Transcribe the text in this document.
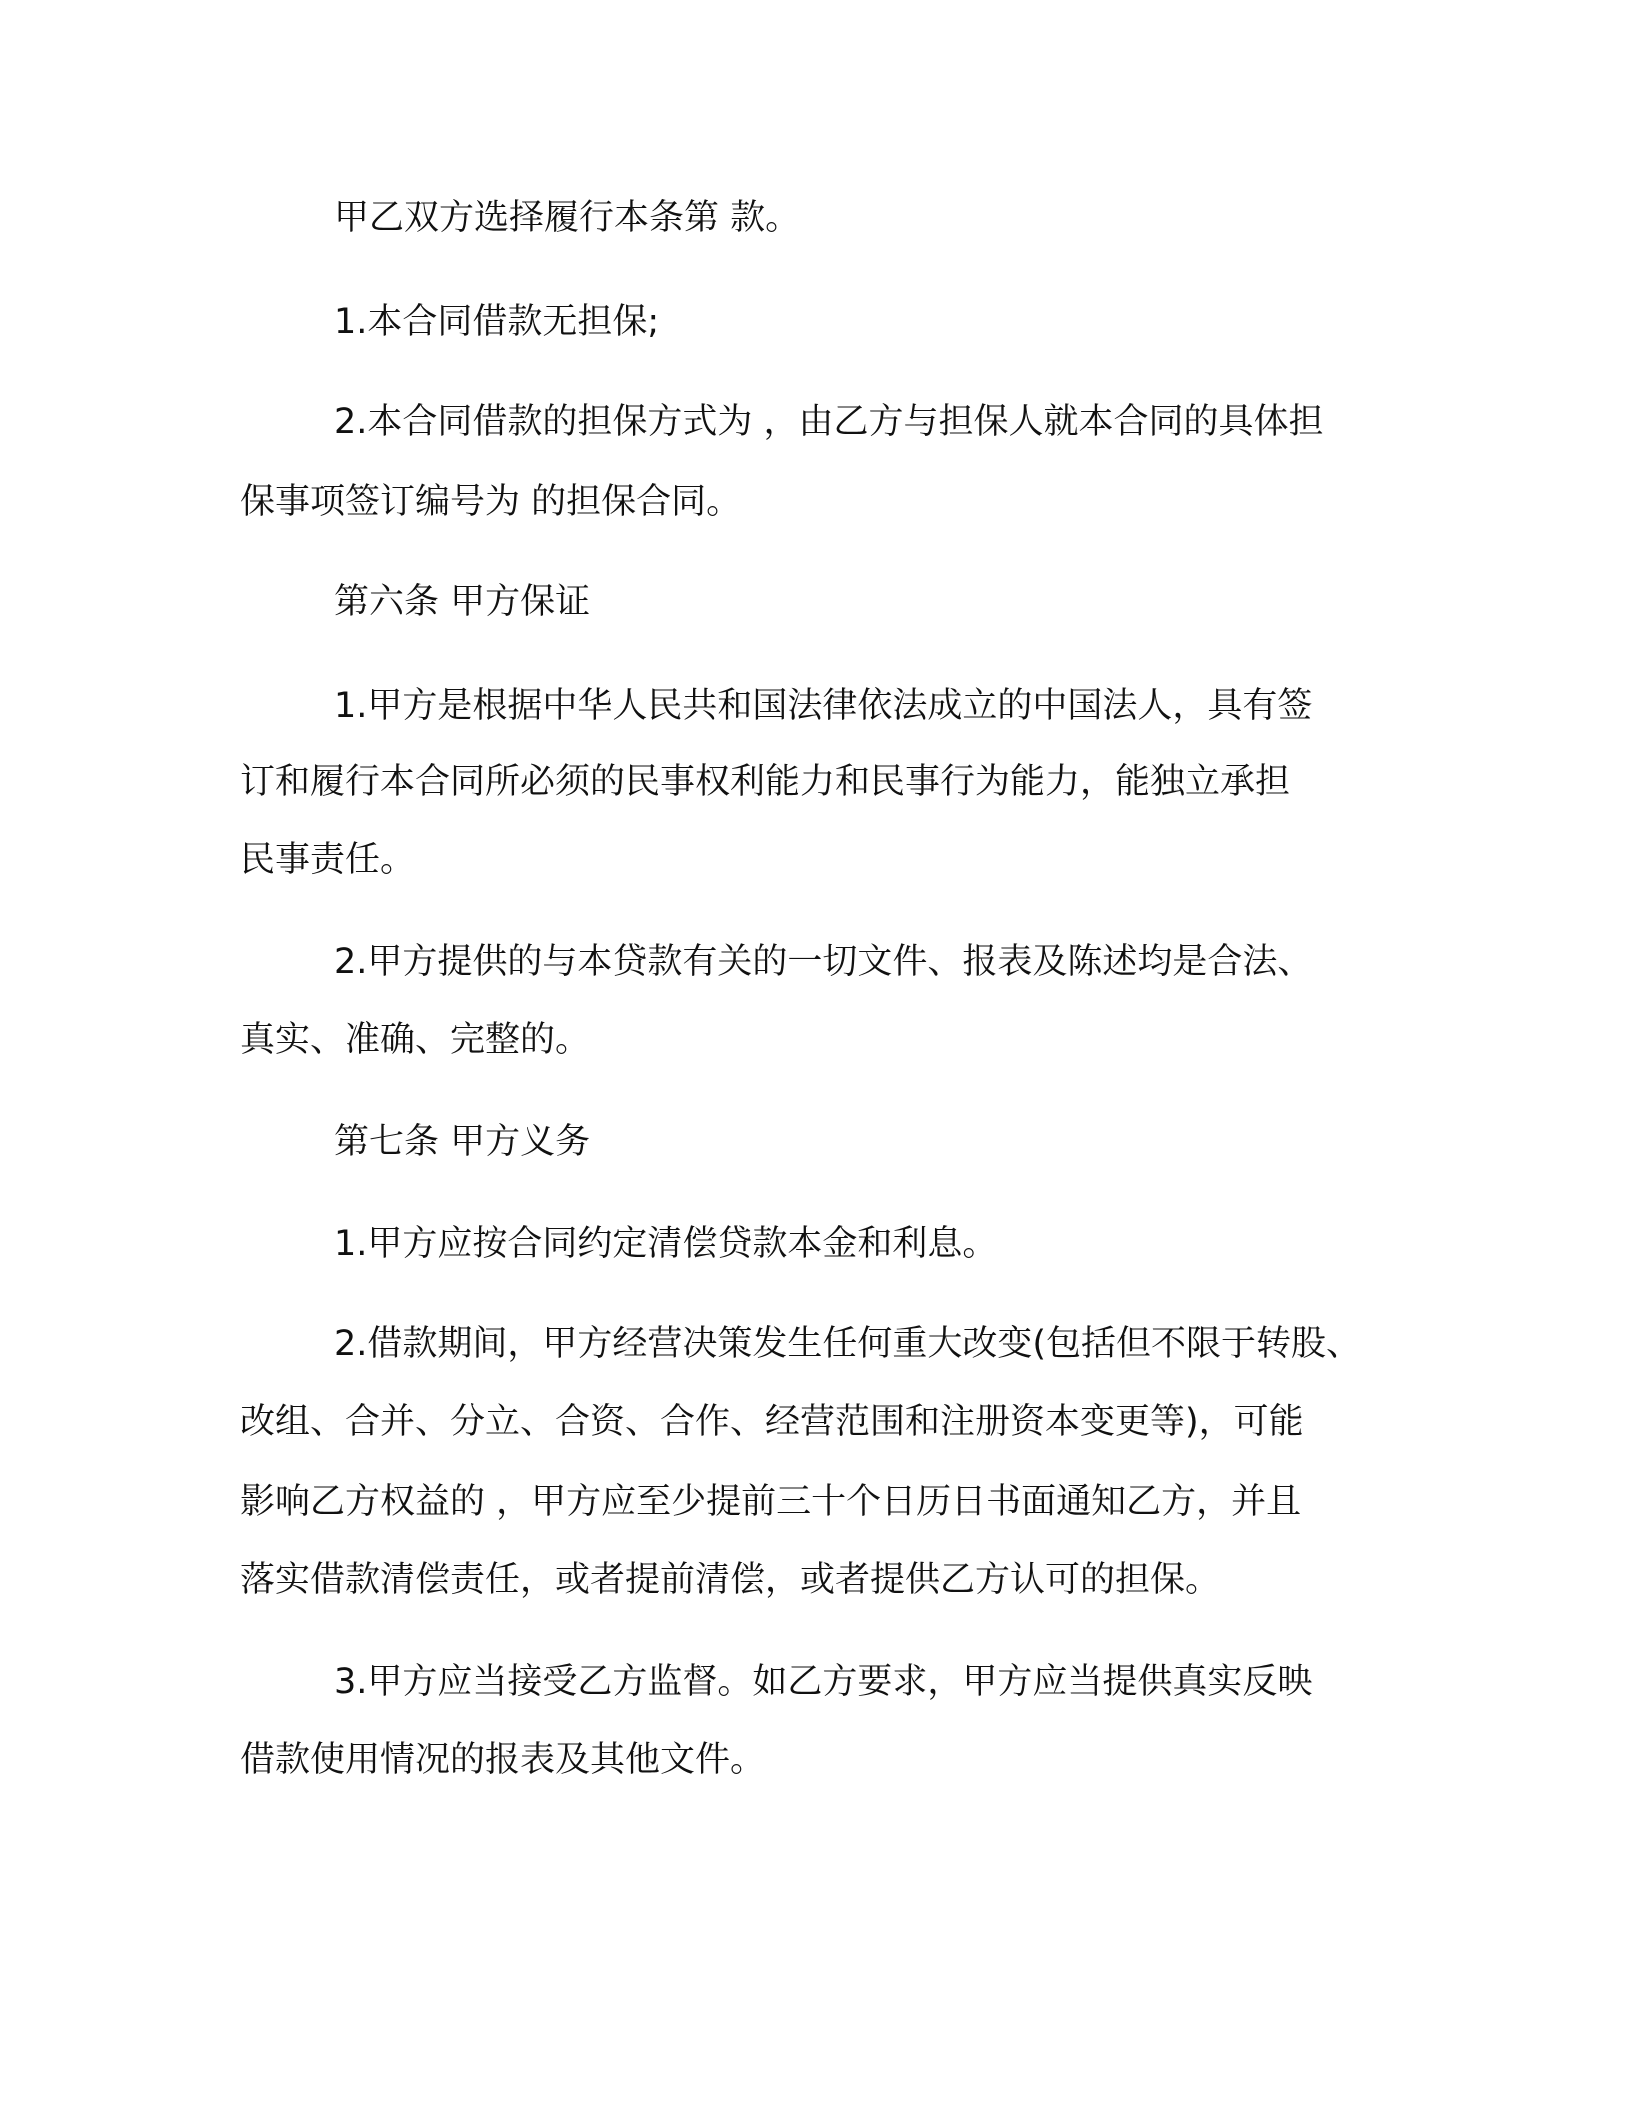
甲乙双方选择履行本条第 款。

1.本合同借款无担保;

2.本合同借款的担保方式为 ，由乙方与担保人就本合同的具体担

保事项签订编号为 的担保合同。

第六条 甲方保证

1.甲方是根据中华人民共和国法律依法成立的中国法人，具有签

订和履行本合同所必须的民事权利能力和民事行为能力，能独立承担

民事责任。

2.甲方提供的与本贷款有关的一切文件、报表及陈述均是合法、

真实、准确、完整的。

第七条 甲方义务

1.甲方应按合同约定清偿贷款本金和利息。

2.借款期间，甲方经营决策发生任何重大改变(包括但不限于转股、

改组、合并、分立、合资、合作、经营范围和注册资本变更等)，可能

影响乙方权益的 ，甲方应至少提前三十个日历日书面通知乙方，并且

落实借款清偿责任，或者提前清偿，或者提供乙方认可的担保。

3.甲方应当接受乙方监督。如乙方要求，甲方应当提供真实反映

借款使用情况的报表及其他文件。
